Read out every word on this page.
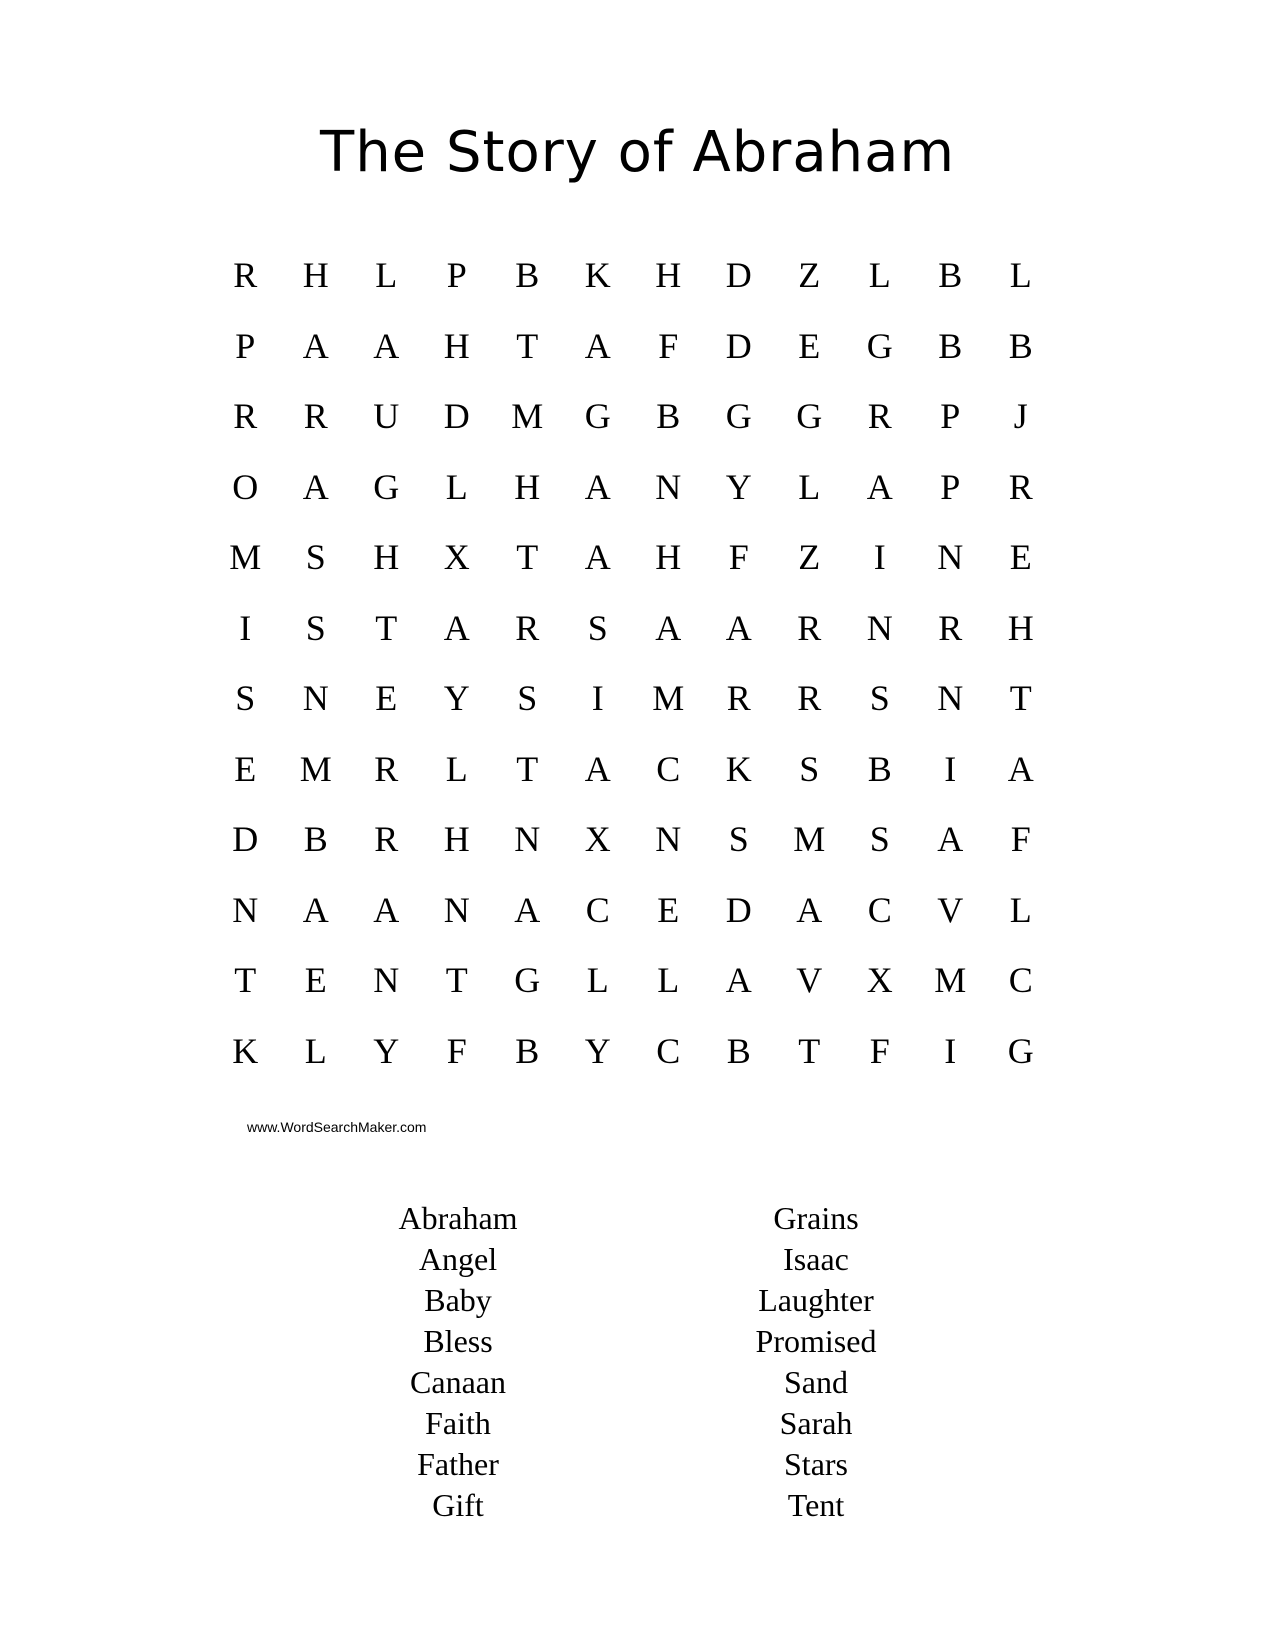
The Story of Abraham
R	H	L	P	B	K	H	D	Z	L	B	L
P	A	A	H	T	A	F	D	E	G	B	B
R	R	U	D	M	G	B	G	G	R	P	J
O	A	G	L	H	A	N	Y	L	A	P	R
M	S	H	X	T	A	H	F	Z	I	N	E
I	S	T	A	R	S	A	A	R	N	R	H
S	N	E	Y	S	I	M	R	R	S	N	T
E	M	R	L	T	A	C	K	S	B	I	A
D	B	R	H	N	X	N	S	M	S	A	F
N	A	A	N	A	C	E	D	A	C	V	L
T	E	N	T	G	L	L	A	V	X	M	C
K	L	Y	F	B	Y	C	B	T	F	I	G
www.WordSearchMaker.com
Abraham
Angel
Baby
Bless
Canaan
Faith
Father
Gift
Grains
Isaac
Laughter
Promised
Sand
Sarah
Stars
Tent
